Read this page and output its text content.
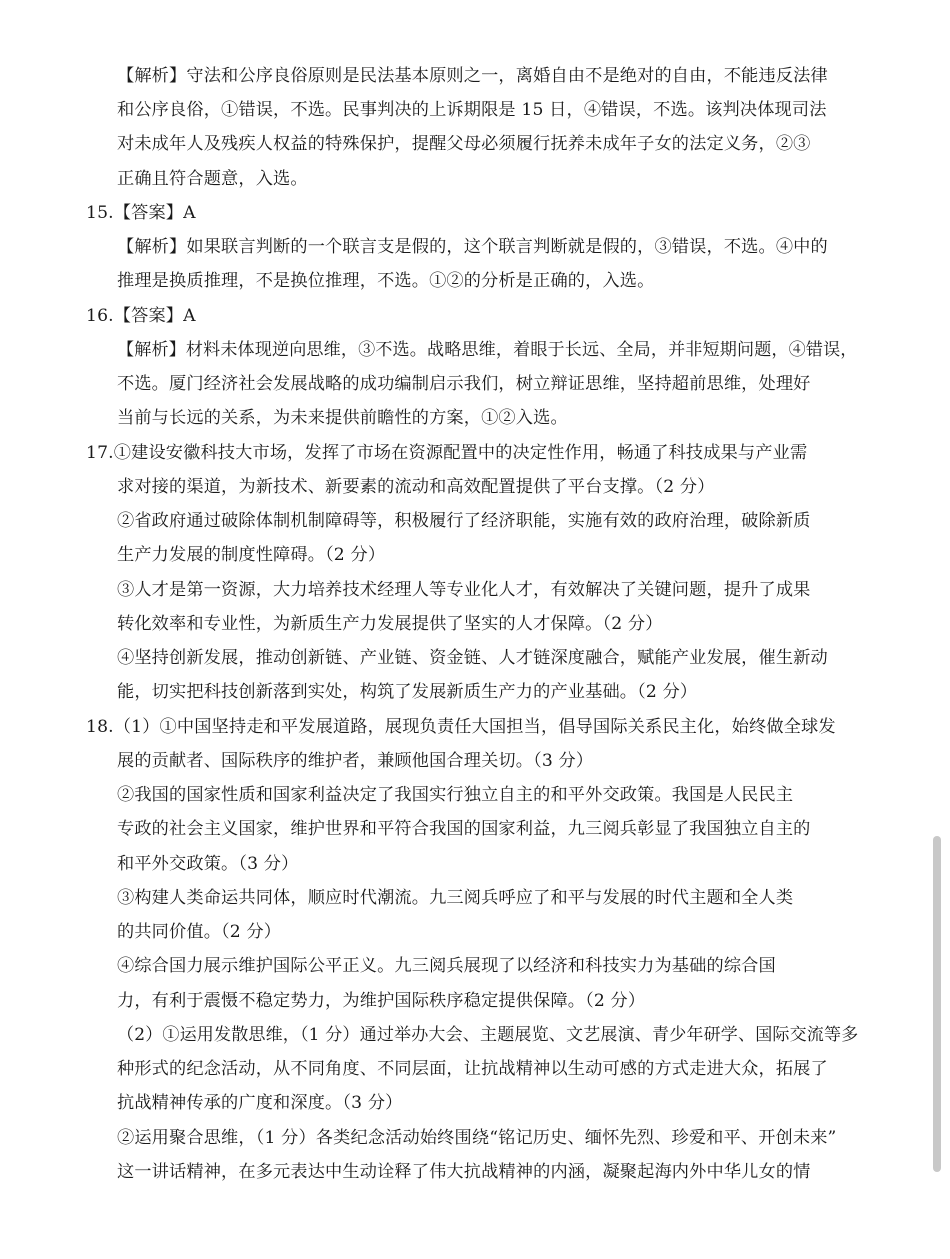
【解析】守法和公序良俗原则是民法基本原则之一，离婚自由不是绝对的自由，不能违反法律
和公序良俗，①错误，不选。民事判决的上诉期限是 15 日，④错误，不选。该判决体现司法
对未成年人及残疾人权益的特殊保护，提醒父母必须履行抚养未成年子女的法定义务，②③
正确且符合题意，入选。
15.【答案】A
【解析】如果联言判断的一个联言支是假的，这个联言判断就是假的，③错误，不选。④中的
推理是换质推理，不是换位推理，不选。①②的分析是正确的，入选。
16.【答案】A
【解析】材料未体现逆向思维，③不选。战略思维，着眼于长远、全局，并非短期问题，④错误，
不选。厦门经济社会发展战略的成功编制启示我们，树立辩证思维，坚持超前思维，处理好
当前与长远的关系，为未来提供前瞻性的方案，①②入选。
17.①建设安徽科技大市场，发挥了市场在资源配置中的决定性作用，畅通了科技成果与产业需
求对接的渠道，为新技术、新要素的流动和高效配置提供了平台支撑。（2 分）
②省政府通过破除体制机制障碍等，积极履行了经济职能，实施有效的政府治理，破除新质
生产力发展的制度性障碍。（2 分）
③人才是第一资源，大力培养技术经理人等专业化人才，有效解决了关键问题，提升了成果
转化效率和专业性，为新质生产力发展提供了坚实的人才保障。（2 分）
④坚持创新发展，推动创新链、产业链、资金链、人才链深度融合，赋能产业发展，催生新动
能，切实把科技创新落到实处，构筑了发展新质生产力的产业基础。（2 分）
18.（1）①中国坚持走和平发展道路，展现负责任大国担当，倡导国际关系民主化，始终做全球发
展的贡献者、国际秩序的维护者，兼顾他国合理关切。（3 分）
②我国的国家性质和国家利益决定了我国实行独立自主的和平外交政策。我国是人民民主
专政的社会主义国家，维护世界和平符合我国的国家利益，九三阅兵彰显了我国独立自主的
和平外交政策。（3 分）
③构建人类命运共同体，顺应时代潮流。九三阅兵呼应了和平与发展的时代主题和全人类
的共同价值。（2 分）
④综合国力展示维护国际公平正义。九三阅兵展现了以经济和科技实力为基础的综合国
力，有利于震慑不稳定势力，为维护国际秩序稳定提供保障。（2 分）
（2）①运用发散思维，（1 分）通过举办大会、主题展览、文艺展演、青少年研学、国际交流等多
种形式的纪念活动，从不同角度、不同层面，让抗战精神以生动可感的方式走进大众，拓展了
抗战精神传承的广度和深度。（3 分）
②运用聚合思维，（1 分）各类纪念活动始终围绕“铭记历史、缅怀先烈、珍爱和平、开创未来”
这一讲话精神，在多元表达中生动诠释了伟大抗战精神的内涵，凝聚起海内外中华儿女的情
